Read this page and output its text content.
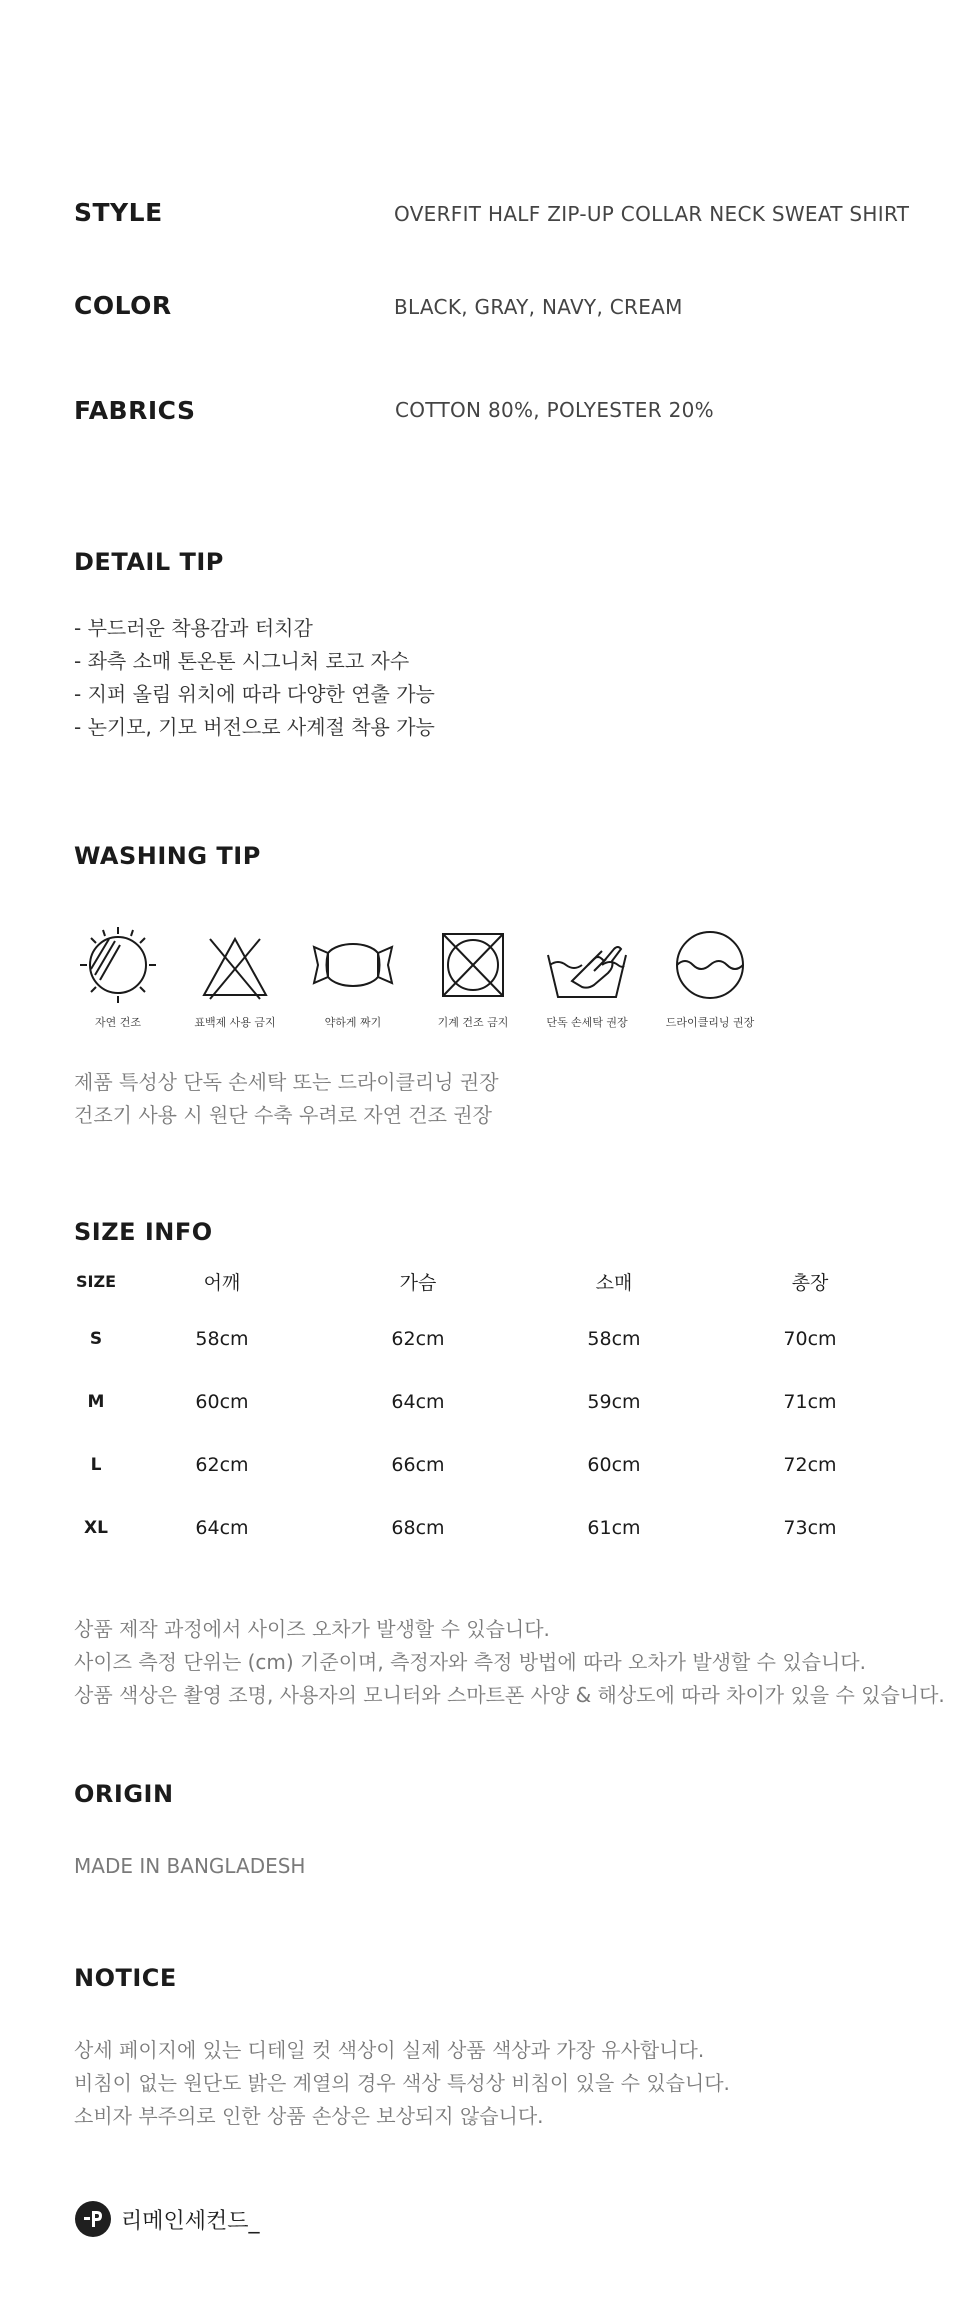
STYLE	OVERFIT HALF ZIP-UP COLLAR NECK SWEAT SHIRT
COLOR	BLACK, GRAY, NAVY, CREAM
FABRICS	COTTON 80%, POLYESTER 20%
DETAIL TIP

- 부드러운 착용감과 터치감

- 좌측 소매 톤온톤 시그니처 로고 자수

- 지퍼 올림 위치에 따라 다양한 연출 가능

- 논기모, 기모 버전으로 사계절 착용 가능

WASHING TIP
자연 건조	표백제 사용 금지	약하게 짜기	기계 건조 금지	단독 손세탁 권장	드라이클리닝 권장

제품 특성상 단독 손세탁 또는 드라이클리닝 권장

건조기 사용 시 원단 수축 우려로 자연 건조 권장

SIZE INFO
SIZE	어깨	가슴	소매	총장
S	58cm	62cm	58cm	70cm
M	60cm	64cm	59cm	71cm
L	62cm	66cm	60cm	72cm
XL	64cm	68cm	61cm	73cm

상품 제작 과정에서 사이즈 오차가 발생할 수 있습니다.

사이즈 측정 단위는 (cm) 기준이며, 측정자와 측정 방법에 따라 오차가 발생할 수 있습니다.

상품 색상은 촬영 조명, 사용자의 모니터와 스마트폰 사양 & 해상도에 따라 차이가 있을 수 있습니다.

ORIGIN
MADE IN BANGLADESH
NOTICE

상세 페이지에 있는 디테일 컷 색상이 실제 상품 색상과 가장 유사합니다.

비침이 없는 원단도 밝은 계열의 경우 색상 특성상 비침이 있을 수 있습니다.

소비자 부주의로 인한 상품 손상은 보상되지 않습니다.

리메인세컨드_
